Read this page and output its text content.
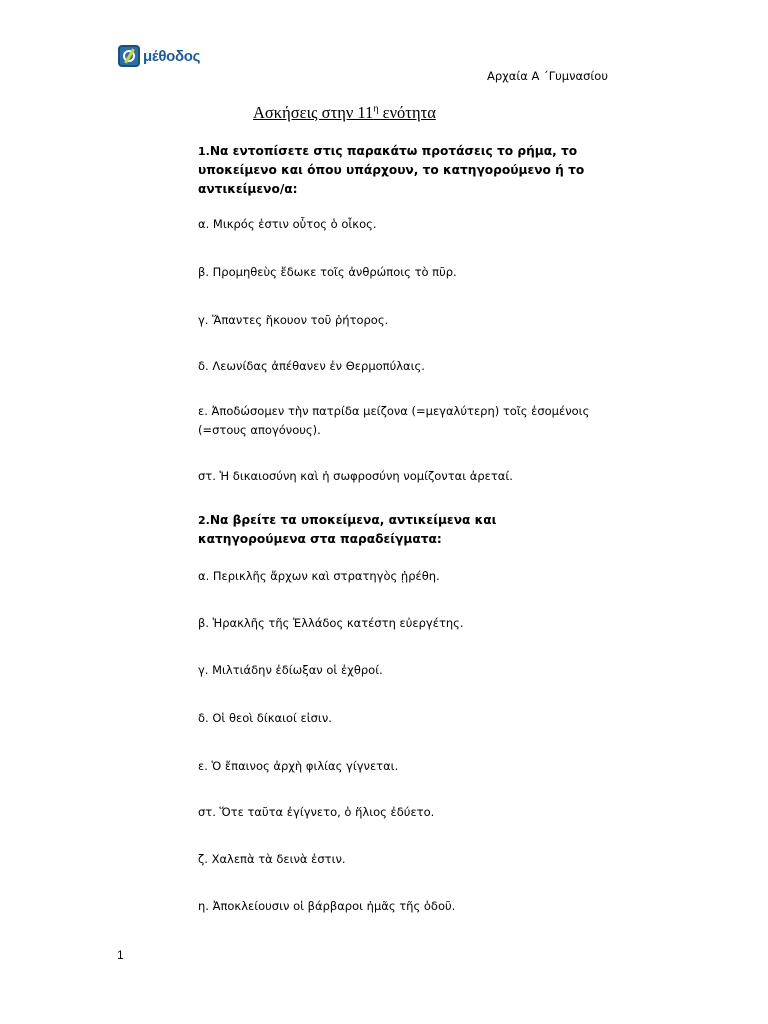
μέθοδος
Αρχαία Α ΄Γυμνασίου
Ασκήσεις στην $11^\eta$ ενότητα

1.Να εντοπίσετε στις παρακάτω προτάσεις το ρήμα, το υποκείμενο και όπου υπάρχουν, το κατηγορούμενο ή το αντικείμενο/α:

α. Μικρός ἐστιν οὗτος ὁ οἶκος.

β. Προμηθεὺς ἔδωκε τοῖς ἀνθρώποις τὸ πῦρ.

γ. Ἅπαντες ἤκουον τοῦ ῥήτορος.

δ. Λεωνίδας ἀπέθανεν ἐν Θερμοπύλαις.

ε. Ἀποδώσομεν τὴν πατρίδα μείζονα (=μεγαλύτερη) τοῖς ἐσομένοις (=στους απογόνους).

στ. Ἡ δικαιοσύνη καὶ ἡ σωφροσύνη νομίζονται ἀρεταί.

2.Να βρείτε τα υποκείμενα, αντικείμενα και κατηγορούμενα στα παραδείγματα:

α. Περικλῆς ἄρχων καὶ στρατηγὸς ᾑρέθη.

β. Ἡρακλῆς τῆς Ἑλλάδος κατέστη εὐεργέτης.

γ. Μιλτιάδην ἐδίωξαν οἱ ἐχθροί.

δ. Οἱ θεοὶ δίκαιοί εἰσιν.

ε. Ὁ ἔπαινος ἀρχὴ φιλίας γίγνεται.

στ. Ὅτε ταῦτα ἐγίγνετο, ὁ ἥλιος ἐδύετο.

ζ. Χαλεπὰ τὰ δεινὰ ἐστιν.

η. Ἀποκλείουσιν οἱ βάρβαροι ἡμᾶς τῆς ὁδοῦ.

1
